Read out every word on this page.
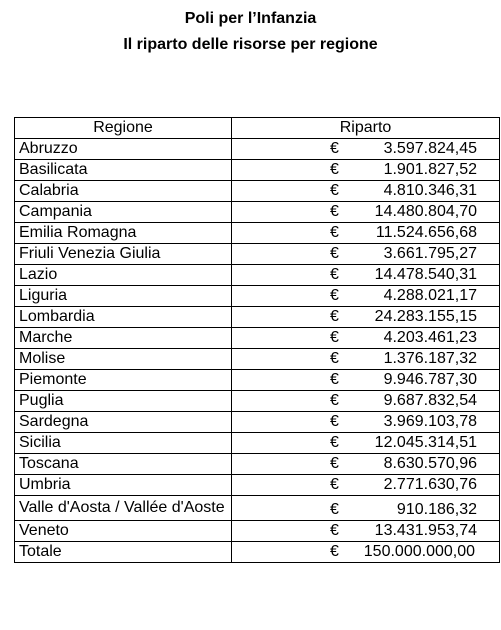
Poli per l’Infanzia
Il riparto delle risorse per regione
Regione	Riparto
Abruzzo	€ 3.597.824,45

Basilicata	€ 1.901.827,52

Calabria	€ 4.810.346,31

Campania	€ 14.480.804,70

Emilia Romagna	€ 11.524.656,68

Friuli Venezia Giulia	€ 3.661.795,27

Lazio	€ 14.478.540,31

Liguria	€ 4.288.021,17

Lombardia	€ 24.283.155,15

Marche	€ 4.203.461,23

Molise	€ 1.376.187,32

Piemonte	€ 9.946.787,30

Puglia	€ 9.687.832,54

Sardegna	€ 3.969.103,78

Sicilia	€ 12.045.314,51

Toscana	€ 8.630.570,96

Umbria	€ 2.771.630,76

Valle d'Aosta / Vallée d'Aoste	€ 910.186,32

Veneto	€ 13.431.953,74

Totale	€ 150.000.000,00
